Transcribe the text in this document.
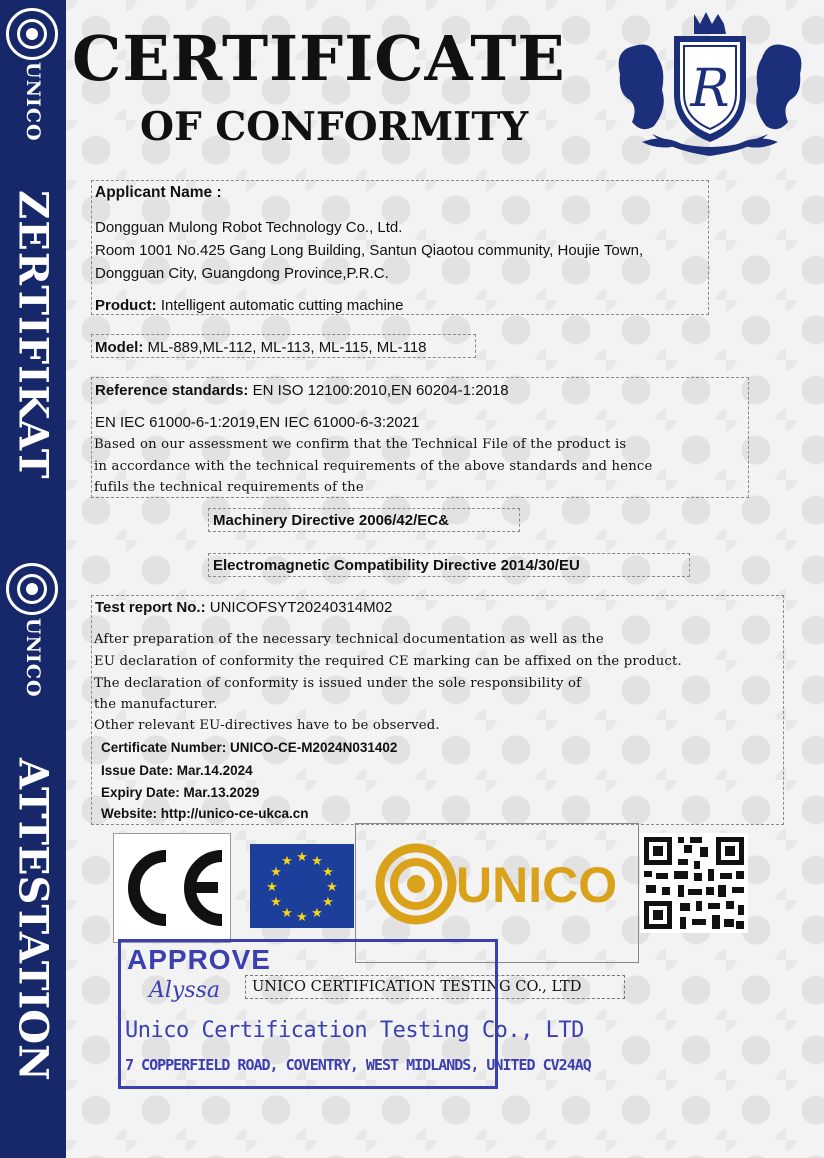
UNICO
ZERTIFIKAT
UNICO
ATTESTATION
CERTIFICATE
OF CONFORMITY
R
Applicant Name :
Dongguan Mulong Robot Technology Co., Ltd.
Room 1001 No.425 Gang Long Building, Santun Qiaotou community, Houjie Town,
Dongguan City, Guangdong Province,P.R.C.
Product: Intelligent automatic cutting machine
Model: ML-889,ML-112, ML-113, ML-115, ML-118
Reference standards: EN ISO 12100:2010,EN 60204-1:2018
EN IEC 61000-6-1:2019,EN IEC 61000-6-3:2021
Based on our assessment we confirm that the Technical File of the product is
in accordance with the technical requirements of the above standards and hence
fufils the technical requirements of the
Machinery Directive 2006/42/EC&
Electromagnetic Compatibility Directive 2014/30/EU
Test report No.: UNICOFSYT20240314M02
After preparation of the necessary technical documentation as well as the
EU declaration of conformity the required CE marking can be affixed on the product.
The declaration of conformity is issued under the sole responsibility of
the manufacturer.
Other relevant EU-directives have to be observed.
Certificate Number: UNICO-CE-M2024N031402
Issue Date: Mar.14.2024
Expiry Date: Mar.13.2029
Website: http://unico-ce-ukca.cn
★ ★
★
★
★
★
★
★
★
★
★
★	UNICO
UNICO CERTIFICATION TESTING CO., LTD
APPROVE
Alyssa
Unico Certification Testing Co., LTD
7 COPPERFIELD ROAD, COVENTRY, WEST MIDLANDS, UNITED CV24AQ
